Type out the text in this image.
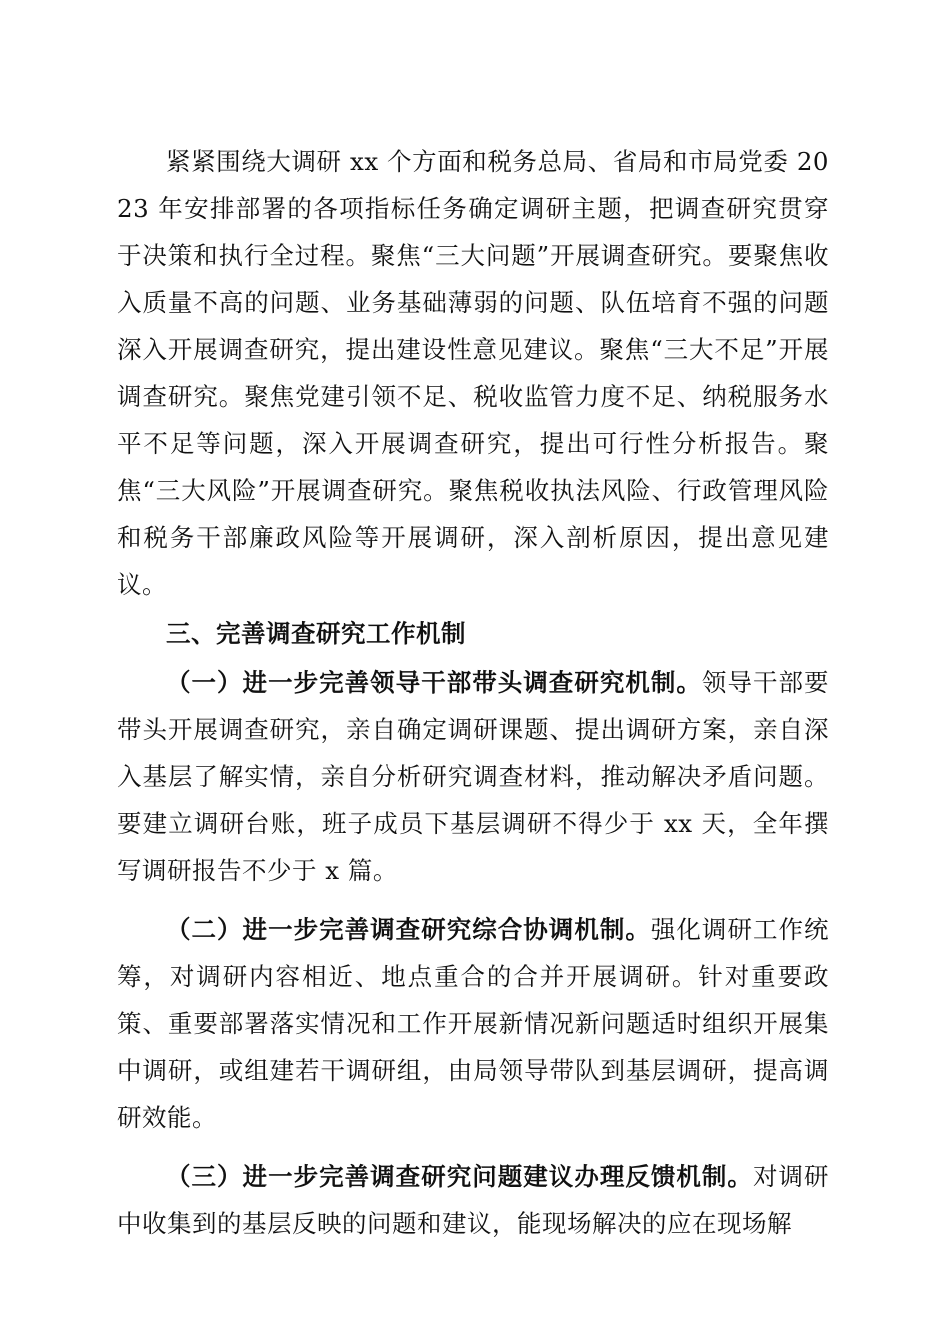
紧紧围绕大调研 xx 个方面和税务总局、省局和市局党委 2023 年安排部署的各项指标任务确定调研主题，把调查研究贯穿于决策和执行全过程。聚焦“三大问题”开展调查研究。要聚焦收入质量不高的问题、业务基础薄弱的问题、队伍培育不强的问题深入开展调查研究，提出建设性意见建议。聚焦“三大不足”开展调查研究。聚焦党建引领不足、税收监管力度不足、纳税服务水平不足等问题，深入开展调查研究，提出可行性分析报告。聚焦“三大风险”开展调查研究。聚焦税收执法风险、行政管理风险和税务干部廉政风险等开展调研，深入剖析原因，提出意见建议。

三、完善调查研究工作机制

（一）进一步完善领导干部带头调查研究机制。领导干部要带头开展调查研究，亲自确定调研课题、提出调研方案，亲自深入基层了解实情，亲自分析研究调查材料，推动解决矛盾问题。要建立调研台账，班子成员下基层调研不得少于 xx 天，全年撰写调研报告不少于 x 篇。

（二）进一步完善调查研究综合协调机制。强化调研工作统筹，对调研内容相近、地点重合的合并开展调研。针对重要政策、重要部署落实情况和工作开展新情况新问题适时组织开展集中调研，或组建若干调研组，由局领导带队到基层调研，提高调研效能。

（三）进一步完善调查研究问题建议办理反馈机制。对调研中收集到的基层反映的问题和建议，能现场解决的应在现场解
